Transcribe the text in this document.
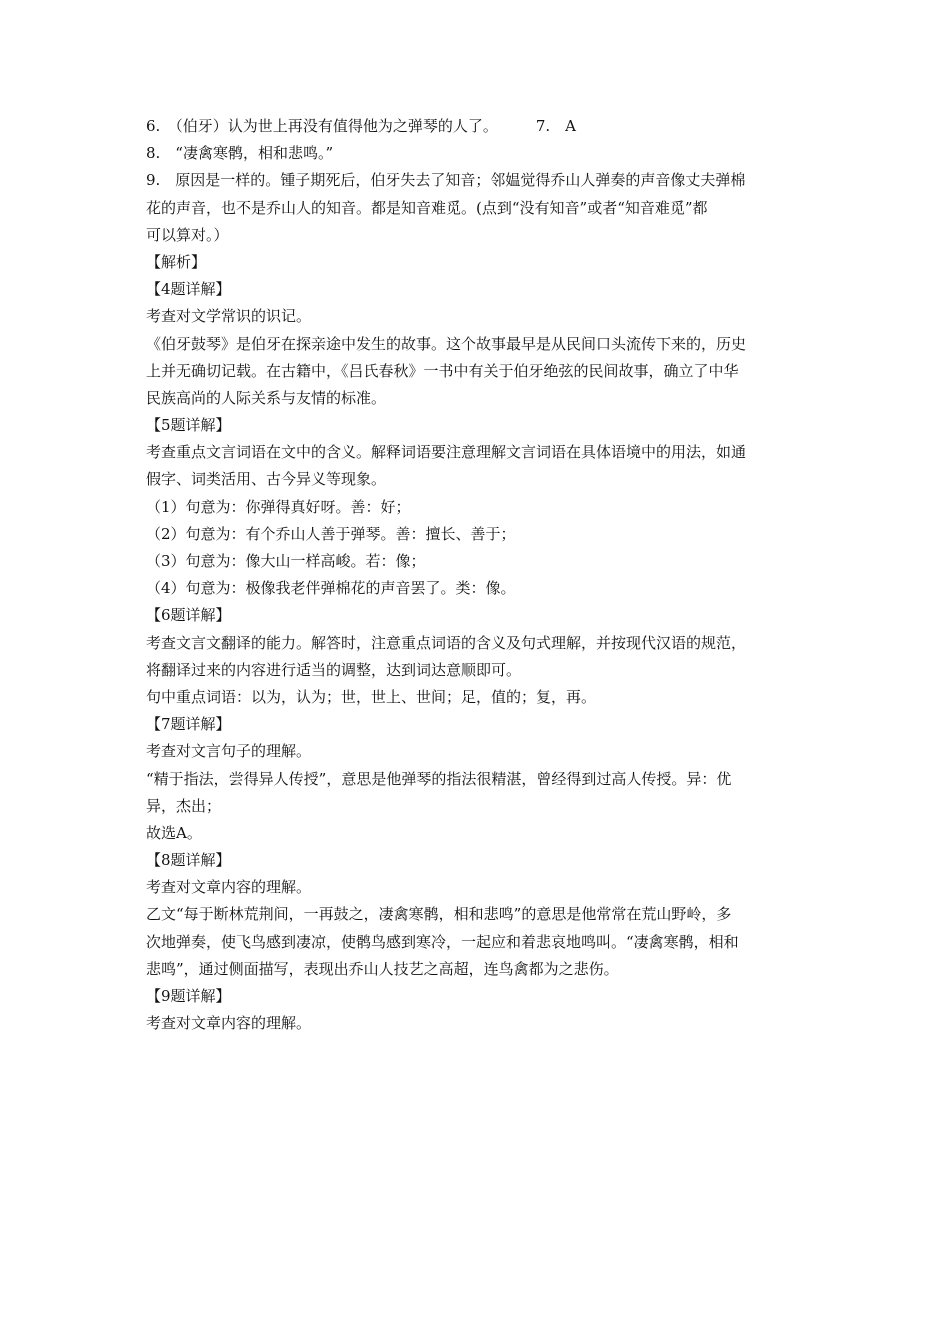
6.　（伯牙）认为世上再没有值得他为之弹琴的人了。	7.　A
8.　“凄禽寒鹘，相和悲鸣。”
9.　原因是一样的。锺子期死后，伯牙失去了知音；邻媪觉得乔山人弹奏的声音像丈夫弹棉
花的声音，也不是乔山人的知音。都是知音难觅。(点到“没有知音”或者“知音难觅”都
可以算对。）
【解析】
【4题详解】
考查对文学常识的识记。
《伯牙鼓琴》是伯牙在探亲途中发生的故事。这个故事最早是从民间口头流传下来的，历史
上并无确切记载。在古籍中，《吕氏春秋》一书中有关于伯牙绝弦的民间故事，确立了中华
民族高尚的人际关系与友情的标准。
【5题详解】
考查重点文言词语在文中的含义。解释词语要注意理解文言词语在具体语境中的用法，如通
假字、词类活用、古今异义等现象。
（1）句意为：你弹得真好呀。善：好；
（2）句意为：有个乔山人善于弹琴。善：擅长、善于；
（3）句意为：像大山一样高峻。若：像；
（4）句意为：极像我老伴弹棉花的声音罢了。类：像。
【6题详解】
考查文言文翻译的能力。解答时，注意重点词语的含义及句式理解，并按现代汉语的规范，
将翻译过来的内容进行适当的调整，达到词达意顺即可。
句中重点词语：以为，认为；世，世上、世间；足，值的；复，再。
【7题详解】
考查对文言句子的理解。
“精于指法，尝得异人传授”，意思是他弹琴的指法很精湛，曾经得到过高人传授。异：优
异，杰出；
故选A。
【8题详解】
考查对文章内容的理解。
乙文“每于断林荒荆间，一再鼓之，凄禽寒鹘，相和悲鸣”的意思是他常常在荒山野岭，多
次地弹奏，使飞鸟感到凄凉，使鹘鸟感到寒冷，一起应和着悲哀地鸣叫。“凄禽寒鹘，相和
悲鸣”，通过侧面描写，表现出乔山人技艺之高超，连鸟禽都为之悲伤。
【9题详解】
考查对文章内容的理解。
